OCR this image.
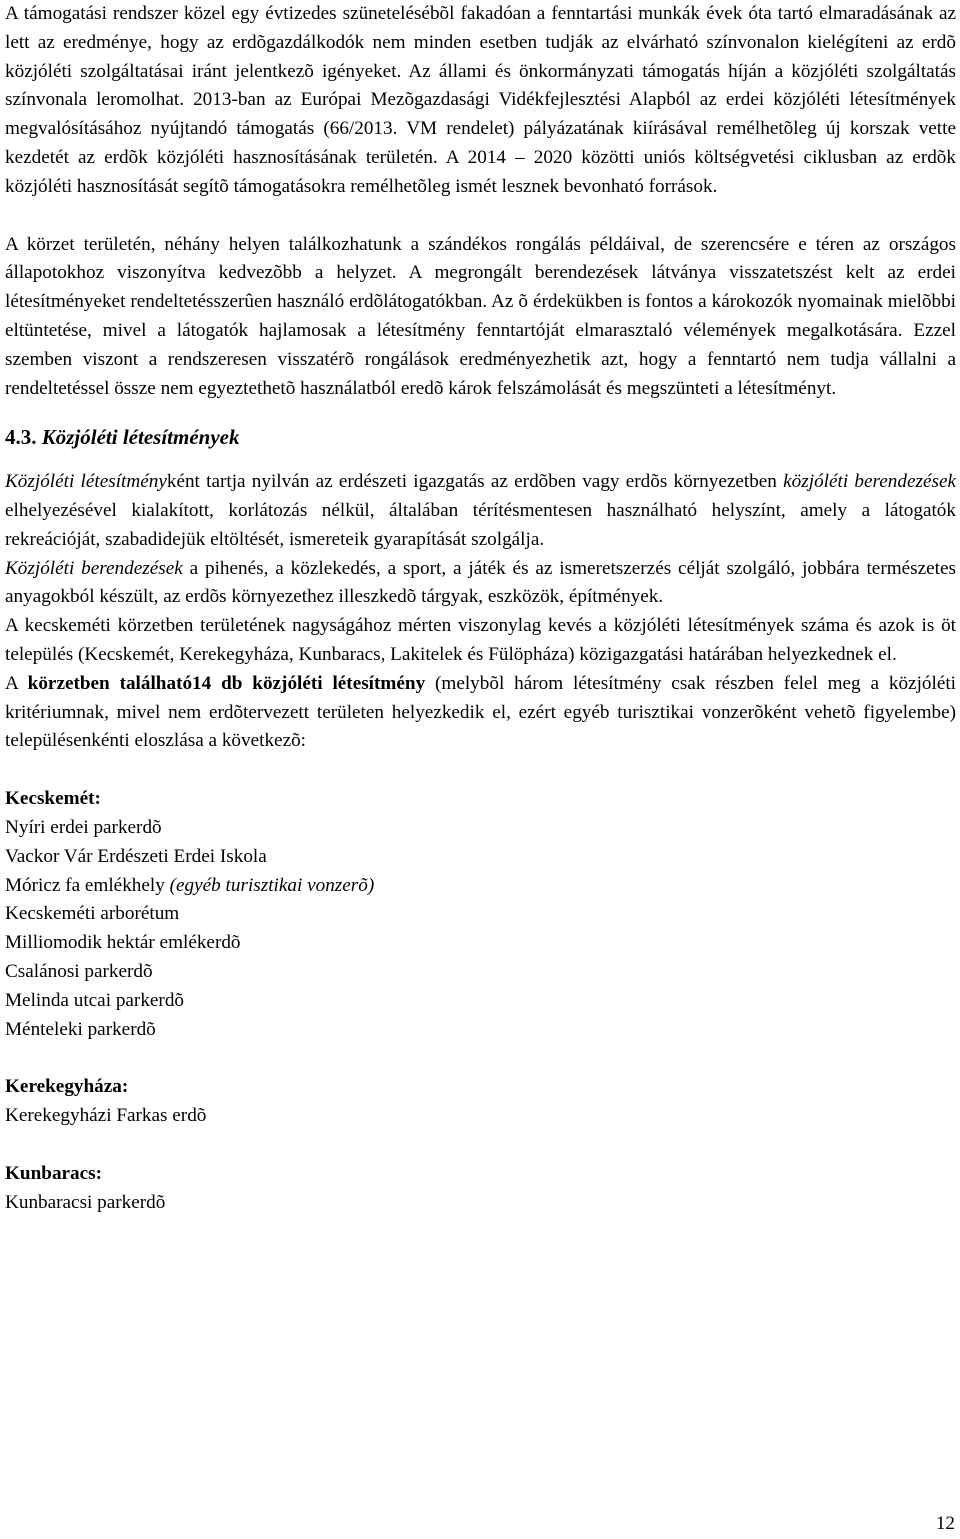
A támogatási rendszer közel egy évtizedes szünetelésébõl fakadóan a fenntartási munkák évek óta tartó elmaradásának az lett az eredménye, hogy az erdõgazdálkodók nem minden esetben tudják az elvárható színvonalon kielégíteni az erdõ közjóléti szolgáltatásai iránt jelentkezõ igényeket. Az állami és önkormányzati támogatás híján a közjóléti szolgáltatás színvonala leromolhat. 2013-ban az Európai Mezõgazdasági Vidékfejlesztési Alapból az erdei közjóléti létesítmények megvalósításához nyújtandó támogatás (66/2013. VM rendelet) pályázatának kiírásával remélhetõleg új korszak vette kezdetét az erdõk közjóléti hasznosításának területén. A 2014 – 2020 közötti uniós költségvetési ciklusban az erdõk közjóléti hasznosítását segítõ támogatásokra remélhetõleg ismét lesznek bevonható források.

A körzet területén, néhány helyen találkozhatunk a szándékos rongálás példáival, de szerencsére e téren az országos állapotokhoz viszonyítva kedvezõbb a helyzet. A megrongált berendezések látványa visszatetszést kelt az erdei létesítményeket rendeltetésszerûen használó erdõlátogatókban. Az õ érdekükben is fontos a károkozók nyomainak mielõbbi eltüntetése, mivel a látogatók hajlamosak a létesítmény fenntartóját elmarasztaló vélemények megalkotására. Ezzel szemben viszont a rendszeresen visszatérõ rongálások eredményezhetik azt, hogy a fenntartó nem tudja vállalni a rendeltetéssel össze nem egyeztethetõ használatból eredõ károk felszámolását és megszünteti a létesítményt.

4.3. Közjóléti létesítmények

Közjóléti létesítményként tartja nyilván az erdészeti igazgatás az erdõben vagy erdõs környezetben közjóléti berendezések elhelyezésével kialakított, korlátozás nélkül, általában térítésmentesen használható helyszínt, amely a látogatók rekreációját, szabadidejük eltöltését, ismereteik gyarapítását szolgálja.

Közjóléti berendezések a pihenés, a közlekedés, a sport, a játék és az ismeretszerzés célját szolgáló, jobbára természetes anyagokból készült, az erdõs környezethez illeszkedõ tárgyak, eszközök, építmények.

A kecskeméti körzetben területének nagyságához mérten viszonylag kevés a közjóléti létesítmények száma és azok is öt település (Kecskemét, Kerekegyháza, Kunbaracs, Lakitelek és Fülöpháza) közigazgatási határában helyezkednek el.

A körzetben található14 db közjóléti létesítmény (melybõl három létesítmény csak részben felel meg a közjóléti kritériumnak, mivel nem erdõtervezett területen helyezkedik el, ezért egyéb turisztikai vonzerõként vehetõ figyelembe) településenkénti eloszlása a következõ:

Kecskemét:

Nyíri erdei parkerdõ
Vackor Vár Erdészeti Erdei Iskola
Móricz fa emlékhely (egyéb turisztikai vonzerõ)
Kecskeméti arborétum
Milliomodik hektár emlékerdõ
Csalánosi parkerdõ
Melinda utcai parkerdõ
Ménteleki parkerdõ

Kerekegyháza:

Kerekegyházi Farkas erdõ

Kunbaracs:

Kunbaracsi parkerdõ
12
